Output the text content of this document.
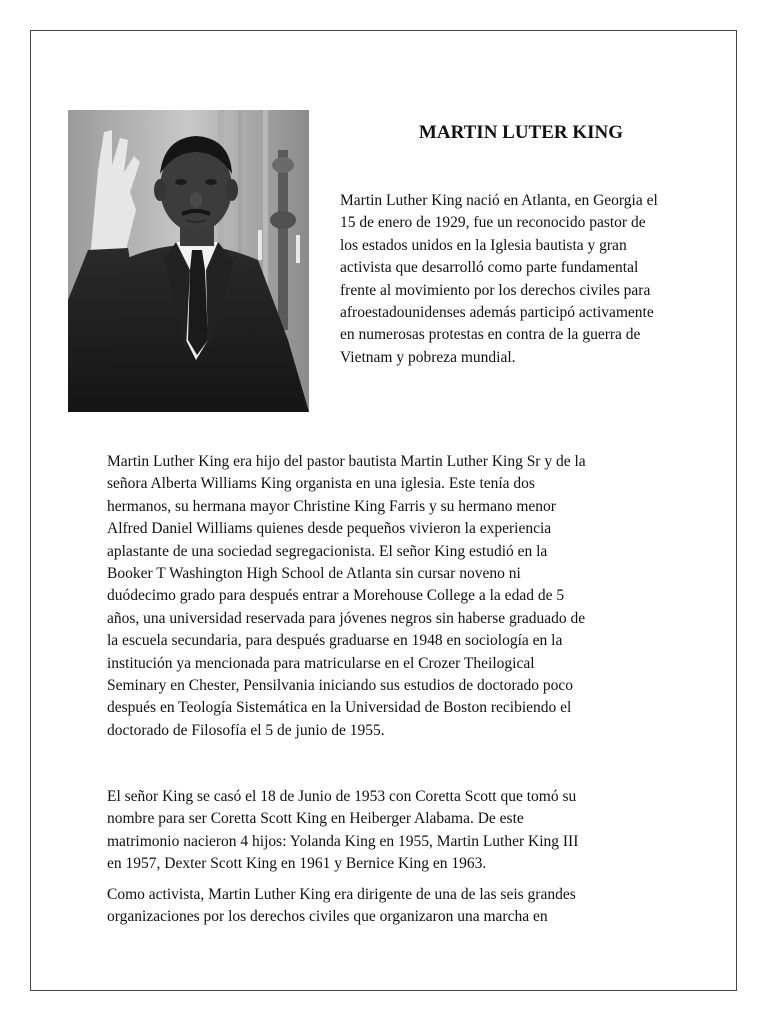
MARTIN LUTER KING

Martin Luther King nació en Atlanta, en Georgia el
15 de enero de 1929, fue un reconocido pastor de
los estados unidos en la Iglesia bautista y gran
activista que desarrolló como parte fundamental
frente al movimiento por los derechos civiles para
afroestadounidenses además participó activamente
en numerosas protestas en contra de la guerra de
Vietnam y pobreza mundial.

Martin Luther King era hijo del pastor bautista Martin Luther King Sr y de la
señora Alberta Williams King organista en una iglesia. Este tenía dos
hermanos, su hermana mayor Christine King Farris y su hermano menor
Alfred Daniel Williams quienes desde pequeños vivieron la experiencia
aplastante de una sociedad segregacionista. El señor King estudió en la
Booker T Washington High School de Atlanta sin cursar noveno ni
duódecimo grado para después entrar a Morehouse College a la edad de 5
años, una universidad reservada para jóvenes negros sin haberse graduado de
la escuela secundaria, para después graduarse en 1948 en sociología en la
institución ya mencionada para matricularse en el Crozer Theilogical
Seminary en Chester, Pensilvania iniciando sus estudios de doctorado poco
después en Teología Sistemática en la Universidad de Boston recibiendo el
doctorado de Filosofía el 5 de junio de 1955.

El señor King se casó el 18 de Junio de 1953 con Coretta Scott que tomó su
nombre para ser Coretta Scott King en Heiberger Alabama. De este
matrimonio nacieron 4 hijos: Yolanda King en 1955, Martin Luther King III
en 1957, Dexter Scott King en 1961 y Bernice King en 1963.

Como activista, Martin Luther King era dirigente de una de las seis grandes
organizaciones por los derechos civiles que organizaron una marcha en
